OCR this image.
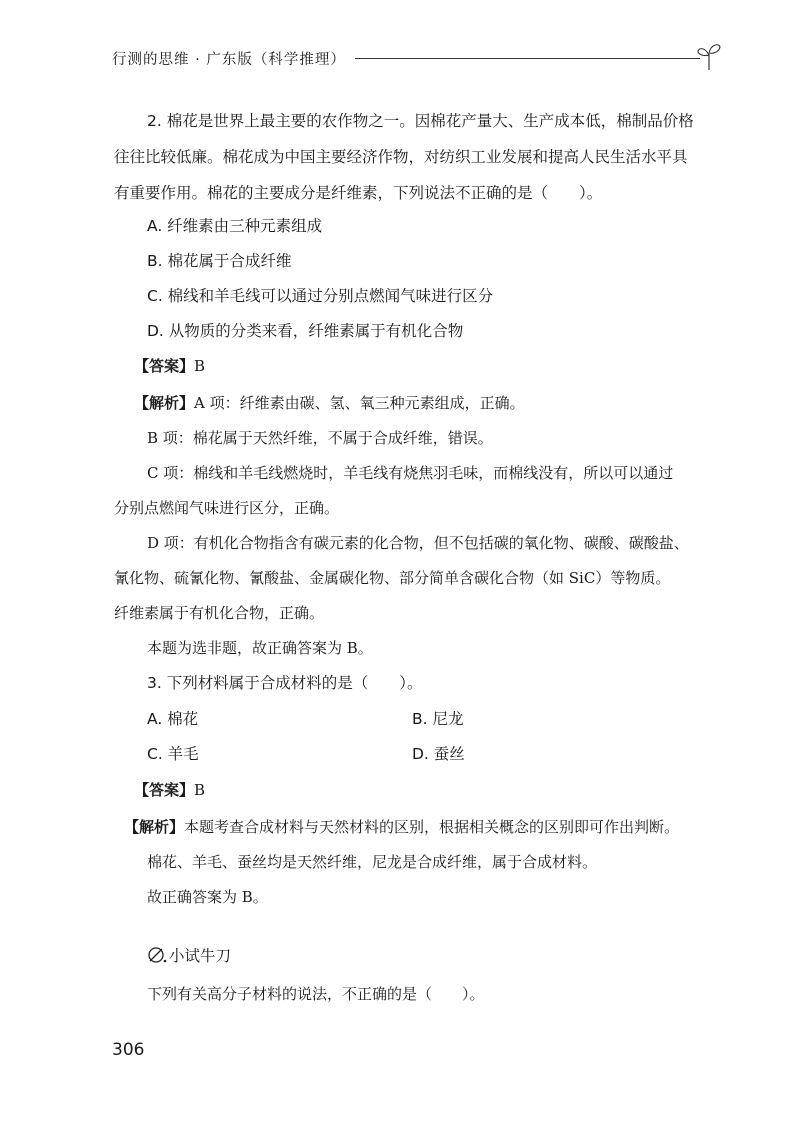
行测的思维 · 广东版（科学推理）
2. 棉花是世界上最主要的农作物之一。因棉花产量大、生产成本低，棉制品价格
往往比较低廉。棉花成为中国主要经济作物，对纺织工业发展和提高人民生活水平具
有重要作用。棉花的主要成分是纤维素，下列说法不正确的是（　　）。
A. 纤维素由三种元素组成
B. 棉花属于合成纤维
C. 棉线和羊毛线可以通过分别点燃闻气味进行区分
D. 从物质的分类来看，纤维素属于有机化合物
【答案】B
【解析】A 项：纤维素由碳、氢、氧三种元素组成，正确。
B 项：棉花属于天然纤维，不属于合成纤维，错误。
C 项：棉线和羊毛线燃烧时，羊毛线有烧焦羽毛味，而棉线没有，所以可以通过
分别点燃闻气味进行区分，正确。
D 项：有机化合物指含有碳元素的化合物，但不包括碳的氧化物、碳酸、碳酸盐、
氰化物、硫氰化物、氰酸盐、金属碳化物、部分简单含碳化合物（如 SiC）等物质。
纤维素属于有机化合物，正确。
本题为选非题，故正确答案为 B。
3. 下列材料属于合成材料的是（　　）。
A. 棉花	B. 尼龙
C. 羊毛	D. 蚕丝
【答案】B
【解析】本题考查合成材料与天然材料的区别，根据相关概念的区别即可作出判断。
棉花、羊毛、蚕丝均是天然纤维，尼龙是合成纤维，属于合成材料。
故正确答案为 B。
小试牛刀
下列有关高分子材料的说法，不正确的是（　　）。
306
